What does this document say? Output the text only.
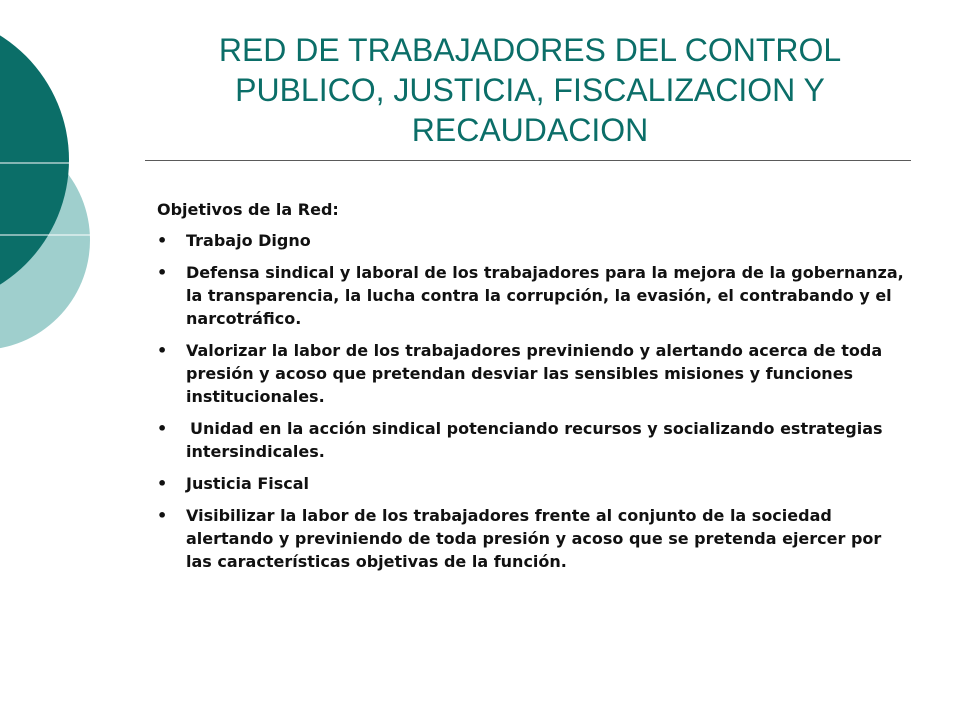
RED DE TRABAJADORES DEL CONTROL
PUBLICO, JUSTICIA, FISCALIZACION Y
RECAUDACION

Objetivos de la Red:

• Trabajo Digno
• Defensa sindical y laboral de los trabajadores para la mejora de la gobernanza, la transparencia, la lucha contra la corrupción, la evasión, el contrabando y el narcotráfico.
• Valorizar la labor de los trabajadores previniendo y alertando acerca de toda presión y acoso que pretendan desviar las sensibles misiones y funciones institucionales.
• Unidad en la acción sindical potenciando recursos y socializando estrategias intersindicales.
• Justicia Fiscal
• Visibilizar la labor de los trabajadores frente al conjunto de la sociedad alertando y previniendo de toda presión y acoso que se pretenda ejercer por las características objetivas de la función.
